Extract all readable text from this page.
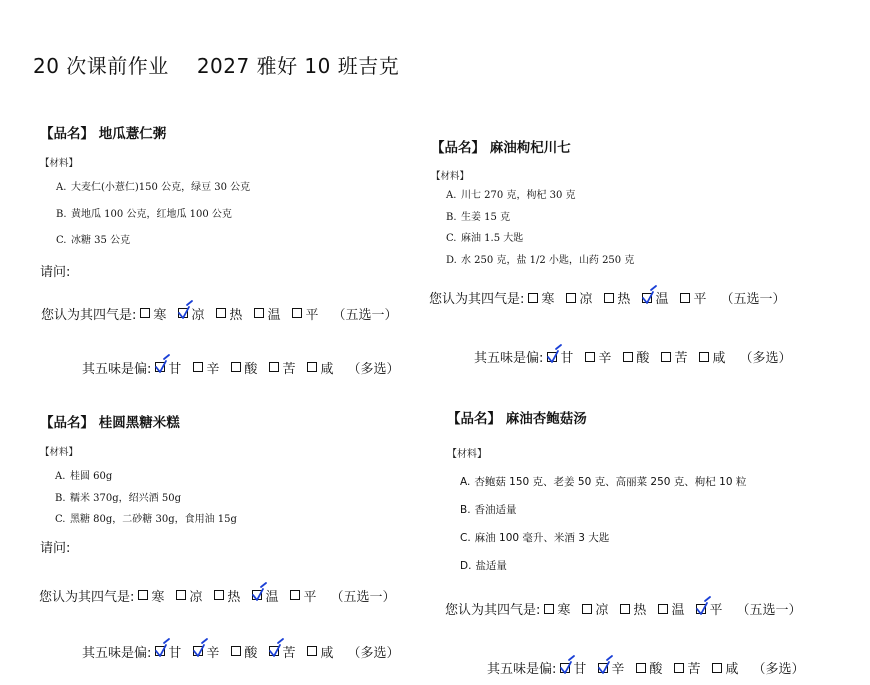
20 次课前作业 2027 雅好 10 班吉克
【品名】 地瓜薏仁粥
【材料】
A. 大麦仁(小薏仁)150 公克，绿豆 30 公克
B. 黄地瓜 100 公克，红地瓜 100 公克
C. 冰糖 35 公克
请问:
您认为其四气是: 寒 凉 热 温 平 （五选一）
其五味是偏: 甘 辛 酸 苦 咸 （多选）
【品名】 麻油枸杞川七
【材料】
A. 川七 270 克，枸杞 30 克
B. 生姜 15 克
C. 麻油 1.5 大匙
D. 水 250 克，盐 1/2 小匙，山药 250 克
您认为其四气是: 寒 凉 热 温 平 （五选一）
其五味是偏: 甘 辛 酸 苦 咸 （多选）
【品名】 桂圆黑糖米糕
【材料】
A. 桂圆 60g
B. 糯米 370g，绍兴酒 50g
C. 黑糖 80g，二砂糖 30g，食用油 15g
请问:
您认为其四气是: 寒 凉 热 温 平 （五选一）
其五味是偏: 甘 辛 酸 苦 咸 （多选）
【品名】 麻油杏鲍菇汤
【材料】
A. 杏鲍菇 150 克、老姜 50 克、高丽菜 250 克、枸杞 10 粒
B. 香油适量
C. 麻油 100 毫升、米酒 3 大匙
D. 盐适量
您认为其四气是: 寒 凉 热 温 平 （五选一）
其五味是偏: 甘 辛 酸 苦 咸 （多选）
